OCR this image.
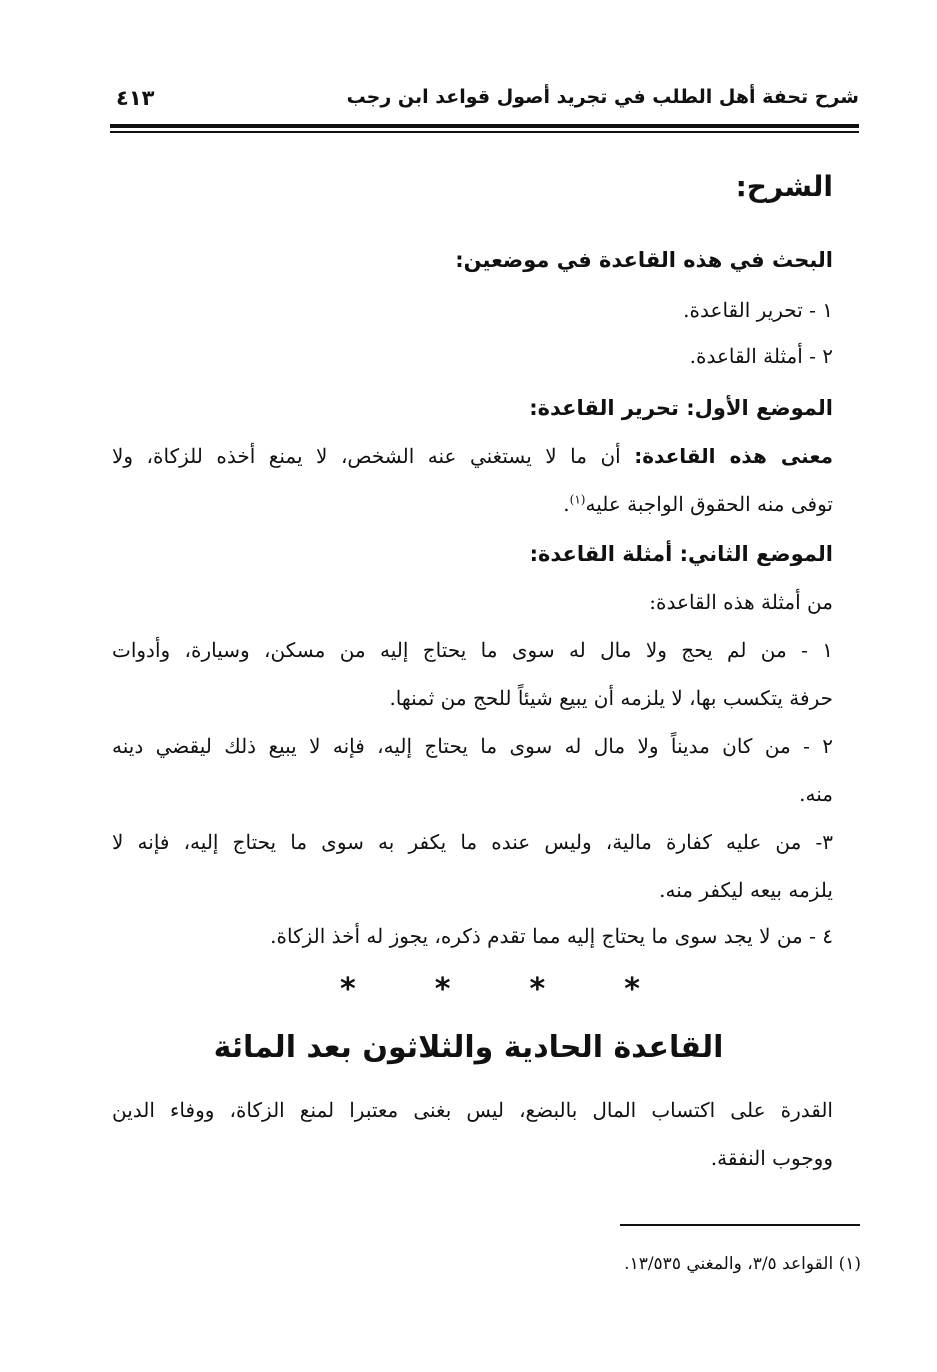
شرح تحفة أهل الطلب في تجريد أصول قواعد ابن رجب
٤١٣
الشرح:
البحث في هذه القاعدة في موضعين:
١ - تحرير القاعدة.
٢ - أمثلة القاعدة.
الموضع الأول: تحرير القاعدة:
معنى هذه القاعدة: أن ما لا يستغني عنه الشخص، لا يمنع أخذه للزكاة، ولا
توفى منه الحقوق الواجبة عليه$^{(١)}$.
الموضع الثاني: أمثلة القاعدة:
من أمثلة هذه القاعدة:
١ - من لم يحج ولا مال له سوى ما يحتاج إليه من مسكن، وسيارة، وأدوات
حرفة يتكسب بها، لا يلزمه أن يبيع شيئاً للحج من ثمنها.
٢ - من كان مديناً ولا مال له سوى ما يحتاج إليه، فإنه لا يبيع ذلك ليقضي دينه
منه.
٣- من عليه كفارة مالية، وليس عنده ما يكفر به سوى ما يحتاج إليه، فإنه لا
يلزمه بيعه ليكفر منه.
٤ - من لا يجد سوى ما يحتاج إليه مما تقدم ذكره، يجوز له أخذ الزكاة.
القدرة على اكتساب المال بالبضع، ليس بغنى معتبرا لمنع الزكاة، ووفاء الدين
ووجوب النفقة.
*	*	*	*
القاعدة الحادية والثلاثون بعد المائة
(١) القواعد ٣/٥، والمغني ١٣/٥٣٥.
